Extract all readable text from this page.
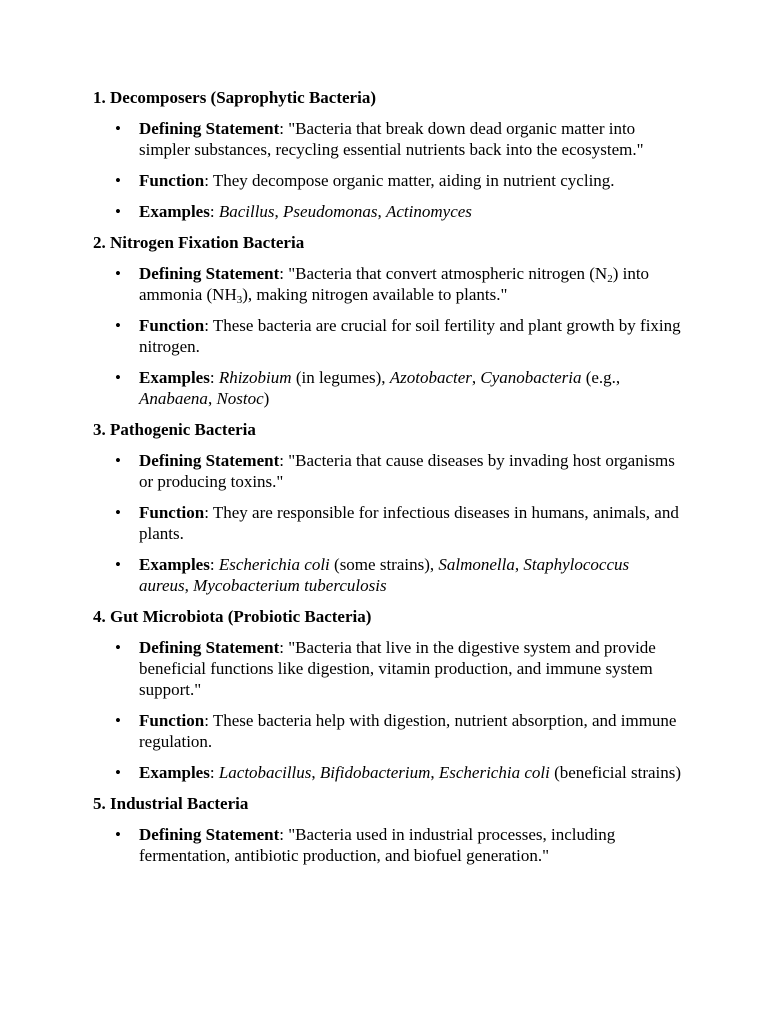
1. Decomposers (Saprophytic Bacteria)
• Defining Statement: "Bacteria that break down dead organic matter into simpler substances, recycling essential nutrients back into the ecosystem."
• Function: They decompose organic matter, aiding in nutrient cycling.
• Examples: Bacillus, Pseudomonas, Actinomyces
2. Nitrogen Fixation Bacteria
• Defining Statement: "Bacteria that convert atmospheric nitrogen $(N_2)$ into ammonia $(NH_3)$, making nitrogen available to plants."
• Function: These bacteria are crucial for soil fertility and plant growth by fixing nitrogen.
• Examples: Rhizobium (in legumes), Azotobacter, Cyanobacteria (e.g., Anabaena, Nostoc)
3. Pathogenic Bacteria
• Defining Statement: "Bacteria that cause diseases by invading host organisms or producing toxins."
• Function: They are responsible for infectious diseases in humans, animals, and plants.
• Examples: Escherichia coli (some strains), Salmonella, Staphylococcus aureus, Mycobacterium tuberculosis
4. Gut Microbiota (Probiotic Bacteria)
• Defining Statement: "Bacteria that live in the digestive system and provide beneficial functions like digestion, vitamin production, and immune system support."
• Function: These bacteria help with digestion, nutrient absorption, and immune regulation.
• Examples: Lactobacillus, Bifidobacterium, Escherichia coli (beneficial strains)
5. Industrial Bacteria
• Defining Statement: "Bacteria used in industrial processes, including fermentation, antibiotic production, and biofuel generation."
